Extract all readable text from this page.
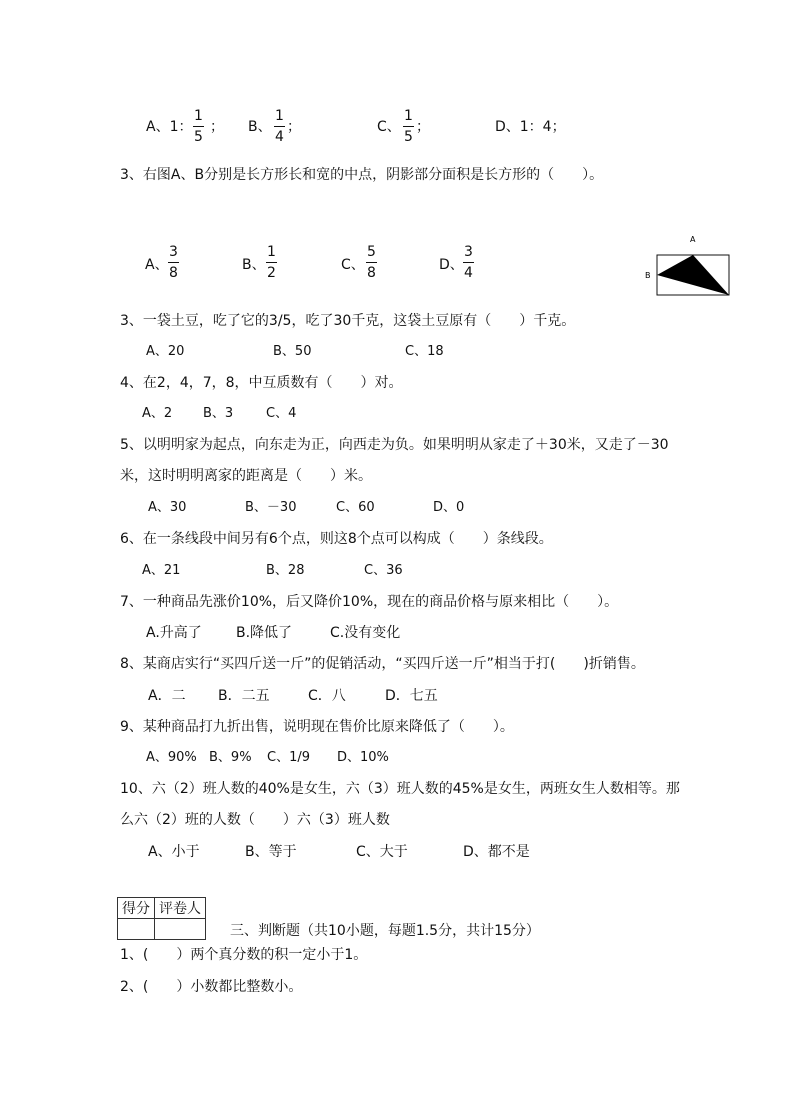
A、1：
1
5
； B、
1
4
；	C、
1
5
；	D、1：4；
3、右图A、B分别是长方形长和宽的中点，阴影部分面积是长方形的（　　）。
A、
3
8	B、
1
2	C、
5
8	D、
3
4
A
B
3、一袋土豆，吃了它的3/5，吃了30千克，这袋土豆原有（　　）千克。
A、20	B、50	C、18
4、在2，4，7，8，中互质数有（　　）对。
A、2 B、3	C、4
5、以明明家为起点，向东走为正，向西走为负。如果明明从家走了＋30米，又走了－30
米，这时明明离家的距离是（　　）米。
A、30	B、－30	C、60	D、0
6、在一条线段中间另有6个点，则这8个点可以构成（　　）条线段。
A、21	B、28	C、36
7、一种商品先涨价10%，后又降价10%，现在的商品价格与原来相比（　　）。
A.升高了 B.降低了	C.没有变化
8、某商店实行“买四斤送一斤”的促销活动，“买四斤送一斤”相当于打(　　)折销售。
A．二 B．二五	C．八	D．七五
9、某种商品打九折出售，说明现在售价比原来降低了（　　）。
A、90% B、9% C、1/9 D、10%
10、六（2）班人数的40%是女生，六（3）班人数的45%是女生，两班女生人数相等。那
么六（2）班的人数（　　）六（3）班人数
A、小于	B、等于	C、大于	D、都不是
得分	评卷人

三、判断题（共10小题，每题1.5分，共计15分）
1、(　　）两个真分数的积一定小于1。
2、(　　）小数都比整数小。
